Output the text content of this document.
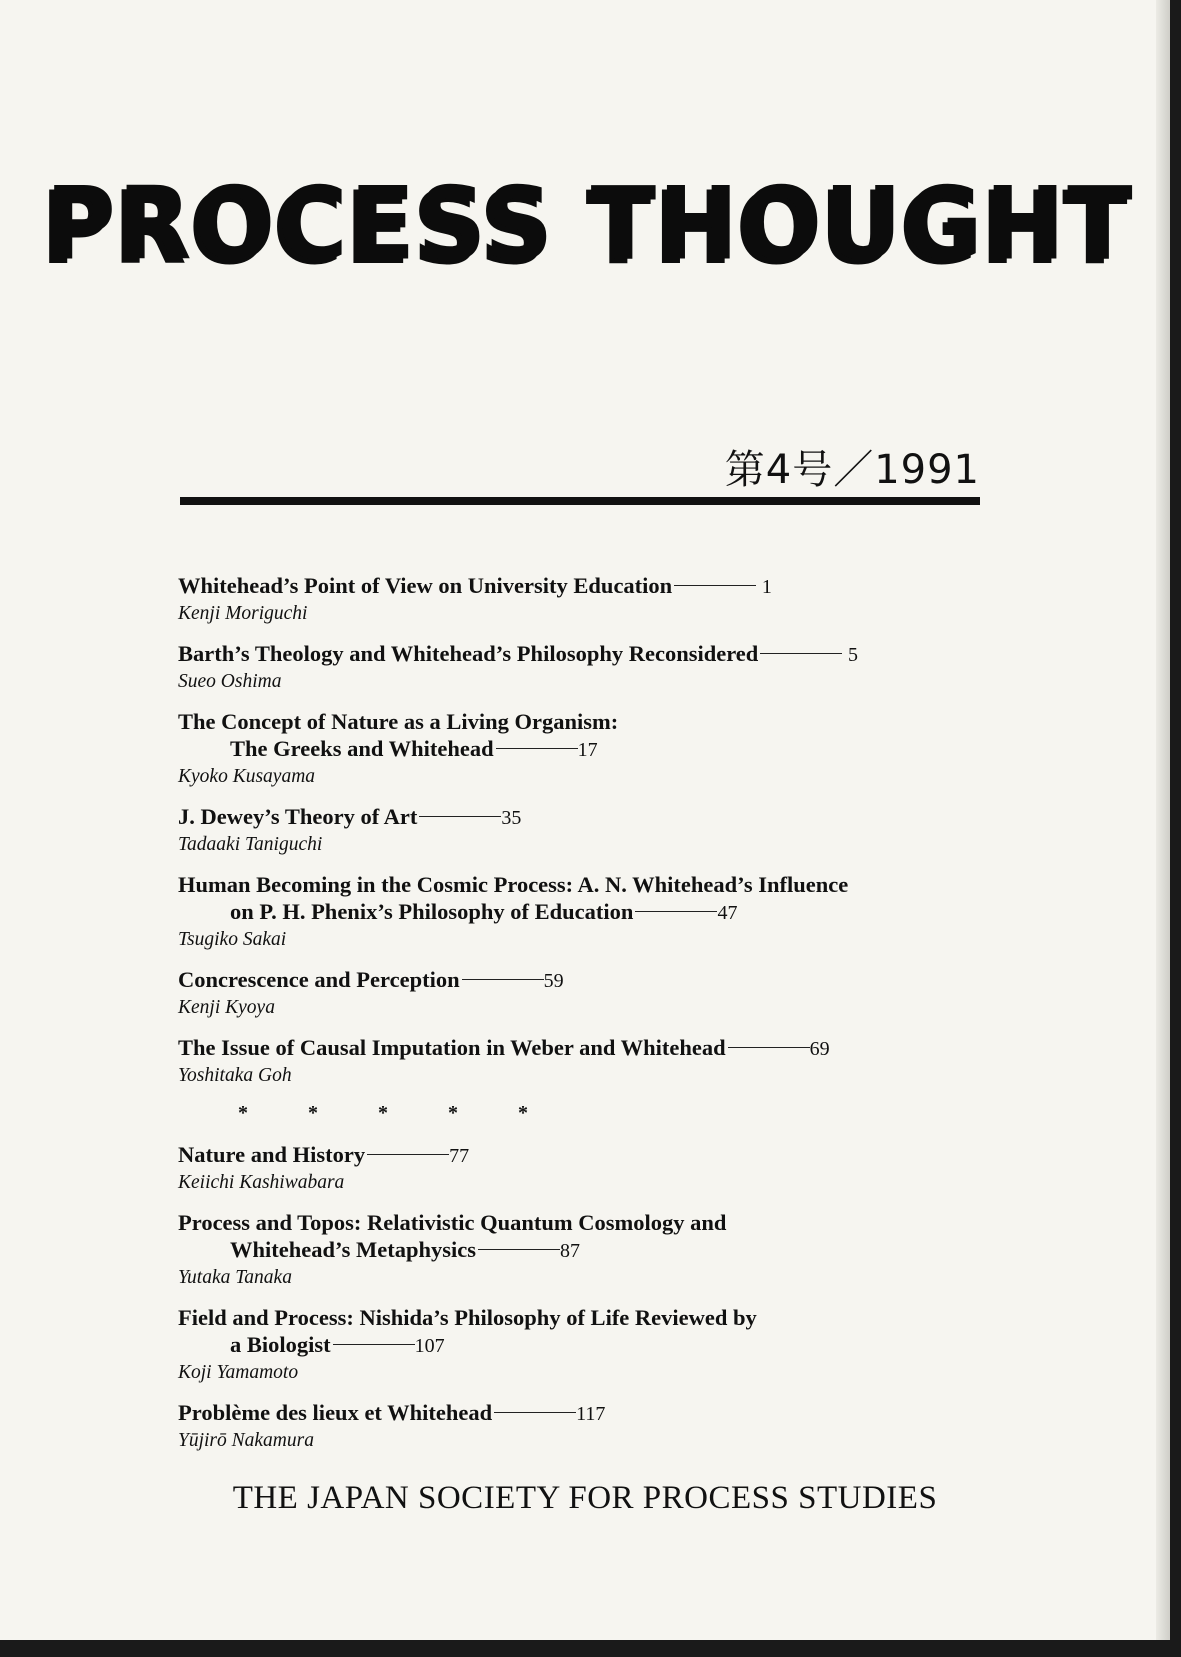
PROCESS THOUGHT
第4号／1991
Whitehead’s Point of View on University Education	1
Kenji Moriguchi
Barth’s Theology and Whitehead’s Philosophy Reconsidered	5
Sueo Oshima
The Concept of Nature as a Living Organism:
The Greeks and Whitehead	17
Kyoko Kusayama
J. Dewey’s Theory of Art	35
Tadaaki Taniguchi
Human Becoming in the Cosmic Process: A. N. Whitehead’s Influence
on P. H. Phenix’s Philosophy of Education	47
Tsugiko Sakai
Concrescence and Perception	59
Kenji Kyoya
The Issue of Causal Imputation in Weber and Whitehead	69
Yoshitaka Goh
*	*	*	*	*
Nature and History	77
Keiichi Kashiwabara
Process and Topos: Relativistic Quantum Cosmology and
Whitehead’s Metaphysics	87
Yutaka Tanaka
Field and Process: Nishida’s Philosophy of Life Reviewed by
a Biologist	107
Koji Yamamoto
Problème des lieux et Whitehead	117
Yūjirō Nakamura
THE JAPAN SOCIETY FOR PROCESS STUDIES
